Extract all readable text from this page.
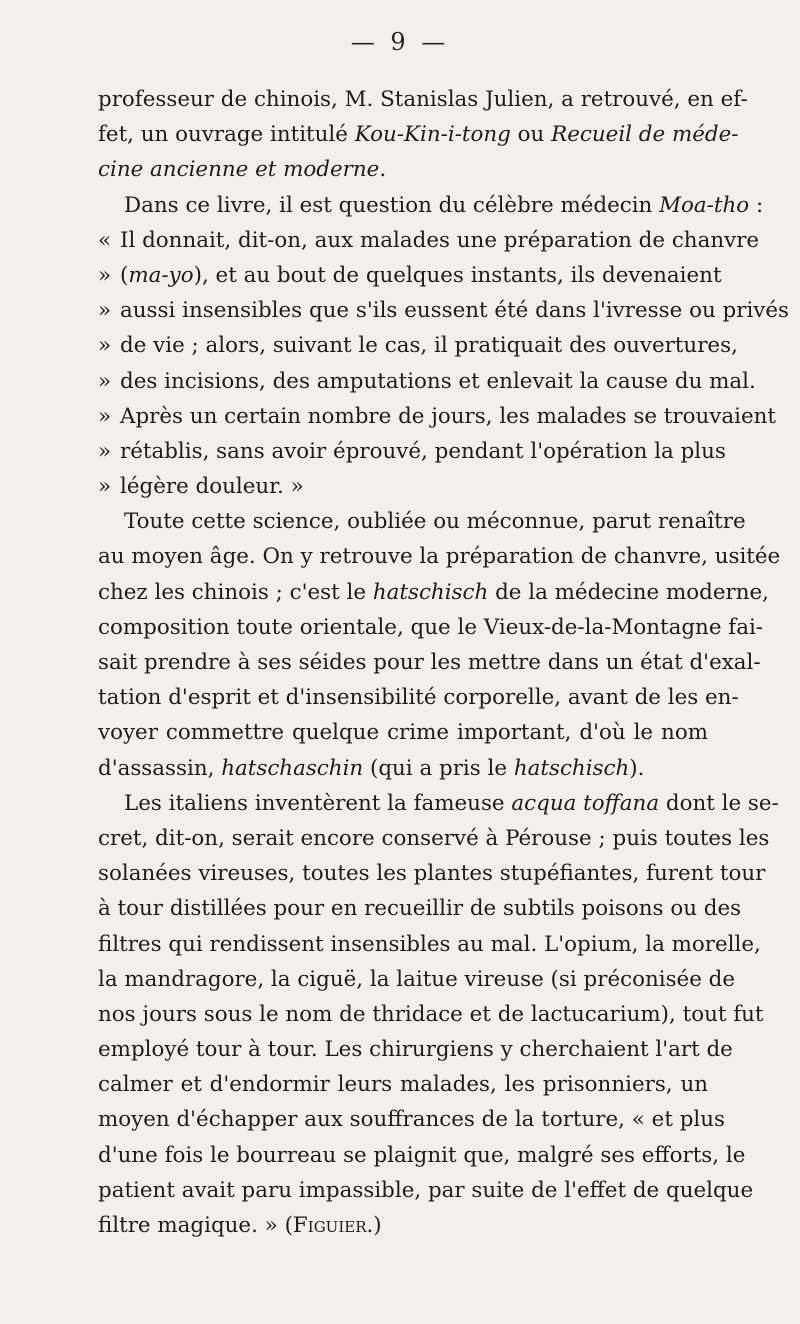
— 9 —
professeur de chinois, M. Stanislas Julien, a retrouvé, en ef-
fet, un ouvrage intitulé Kou-Kin-i-tong ou Recueil de méde-
cine ancienne et moderne.
Dans ce livre, il est question du célèbre médecin Moa-tho :
« Il donnait, dit-on, aux malades une préparation de chanvre
» (ma-yo), et au bout de quelques instants, ils devenaient
» aussi insensibles que s'ils eussent été dans l'ivresse ou privés
» de vie ; alors, suivant le cas, il pratiquait des ouvertures,
» des incisions, des amputations et enlevait la cause du mal.
» Après un certain nombre de jours, les malades se trouvaient
» rétablis, sans avoir éprouvé, pendant l'opération la plus
» légère douleur. »
Toute cette science, oubliée ou méconnue, parut renaître
au moyen âge. On y retrouve la préparation de chanvre, usitée
chez les chinois ; c'est le hatschisch de la médecine moderne,
composition toute orientale, que le Vieux-de-la-Montagne fai-
sait prendre à ses séides pour les mettre dans un état d'exal-
tation d'esprit et d'insensibilité corporelle, avant de les en-
voyer commettre quelque crime important, d'où le nom
d'assassin, hatschaschin (qui a pris le hatschisch).
Les italiens inventèrent la fameuse acqua toffana dont le se-
cret, dit-on, serait encore conservé à Pérouse ; puis toutes les
solanées vireuses, toutes les plantes stupéfiantes, furent tour
à tour distillées pour en recueillir de subtils poisons ou des
filtres qui rendissent insensibles au mal. L'opium, la morelle,
la mandragore, la ciguë, la laitue vireuse (si préconisée de
nos jours sous le nom de thridace et de lactucarium), tout fut
employé tour à tour. Les chirurgiens y cherchaient l'art de
calmer et d'endormir leurs malades, les prisonniers, un
moyen d'échapper aux souffrances de la torture, « et plus
d'une fois le bourreau se plaignit que, malgré ses efforts, le
patient avait paru impassible, par suite de l'effet de quelque
filtre magique. » (Figuier.)
